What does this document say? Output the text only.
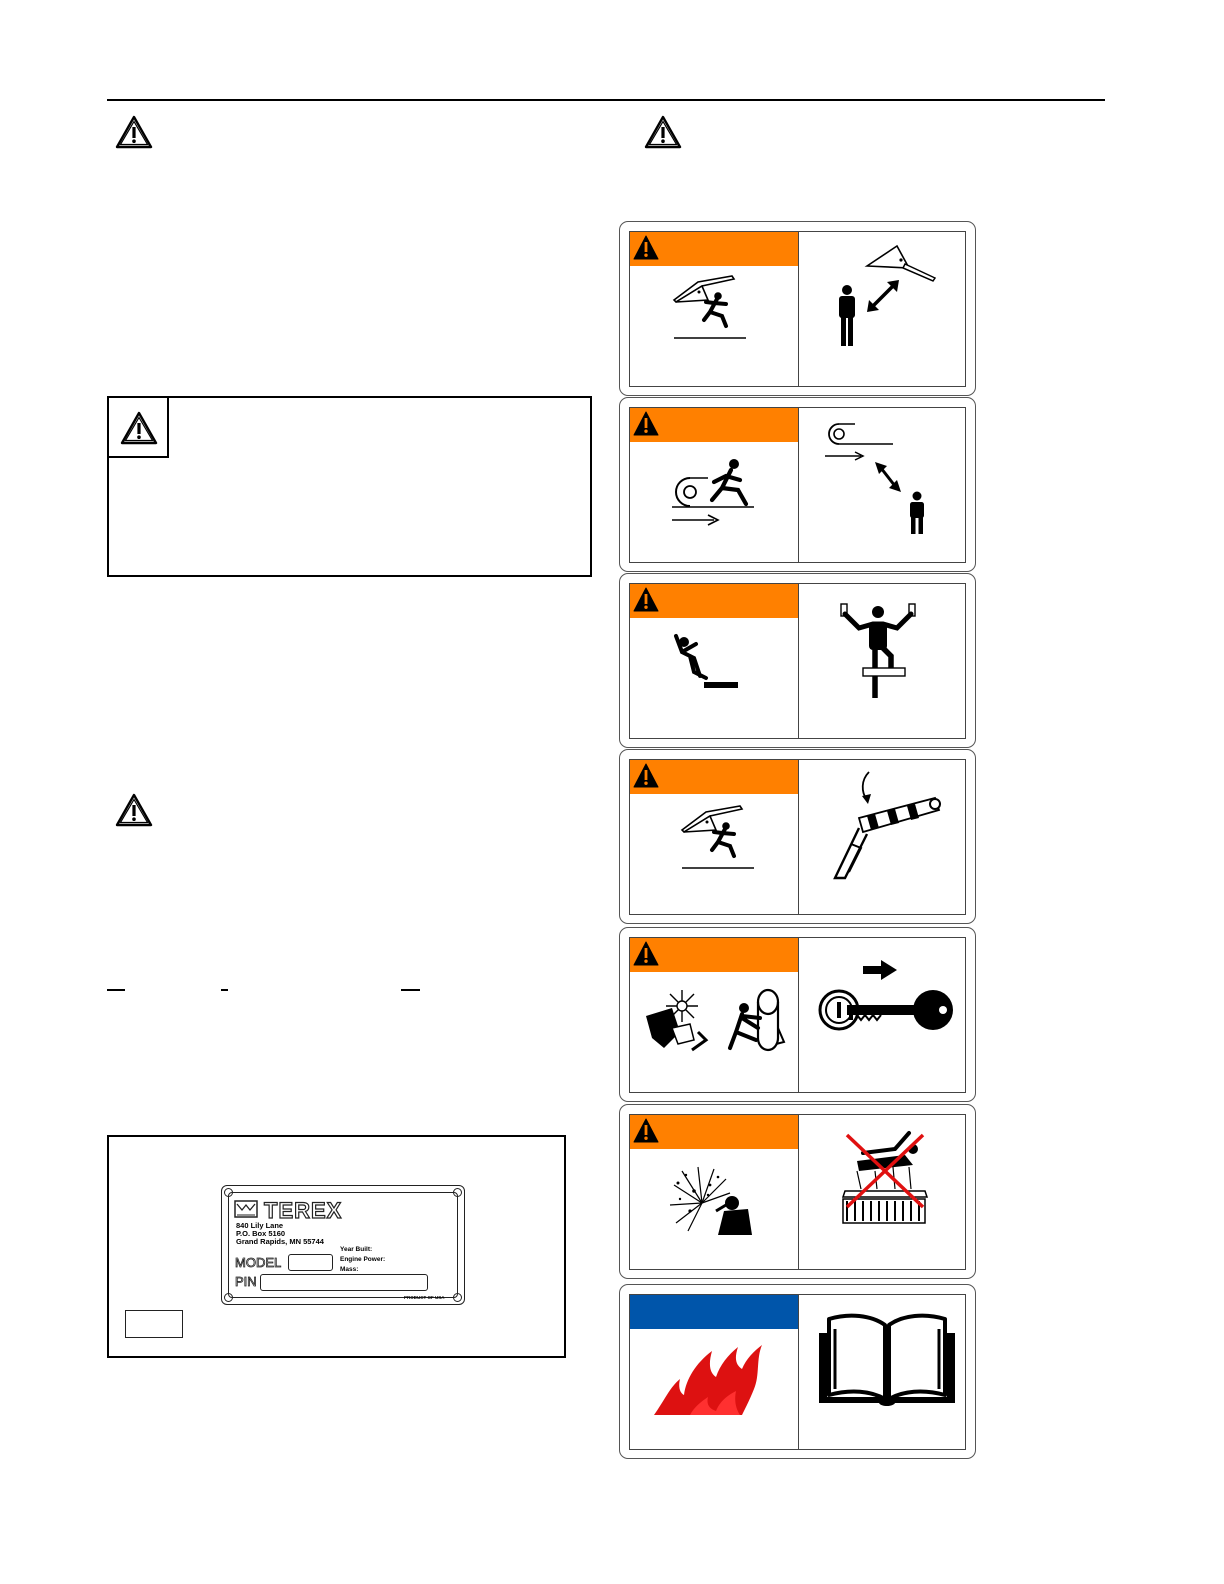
TEREX
840 Lily Lane
P.O. Box 5160
Grand Rapids, MN 55744
Year Built:
Engine Power:
Mass:
MODEL
PIN
PRODUCT OF USA
